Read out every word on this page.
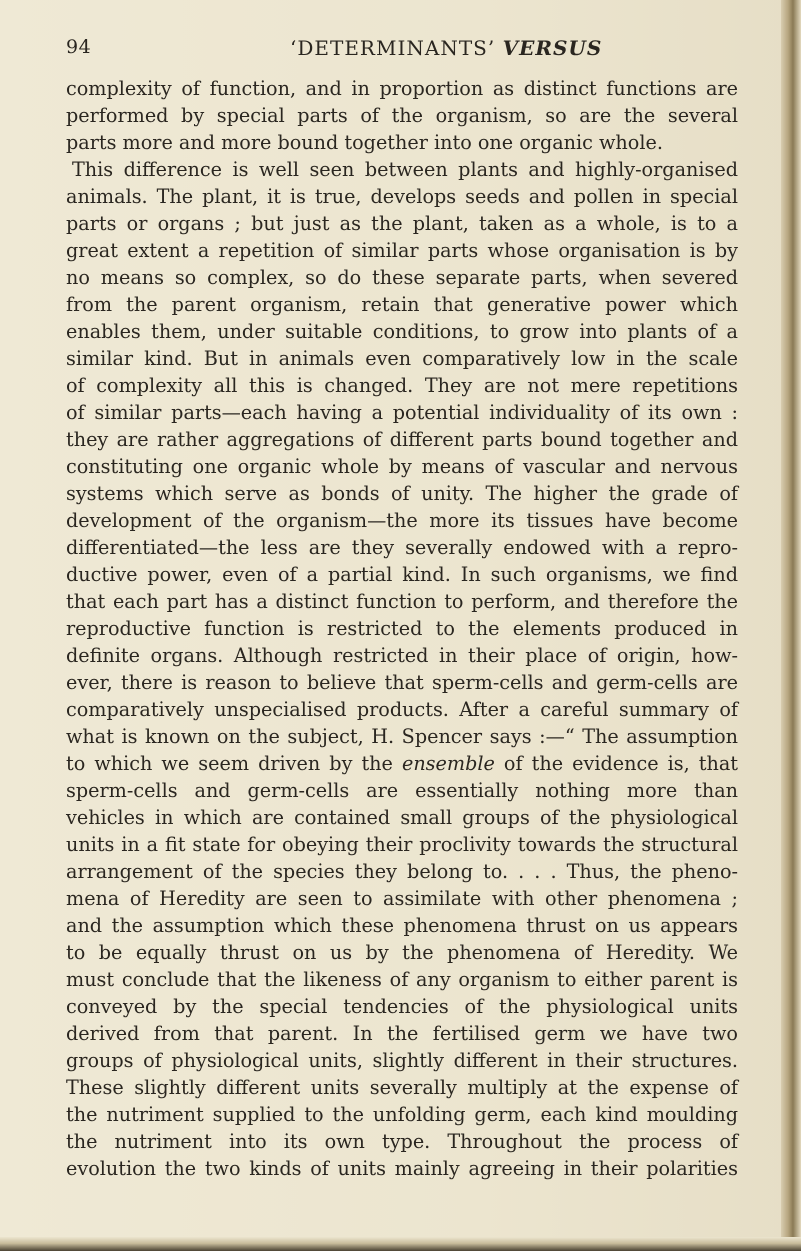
94	‘DETERMINANTS’ VERSUS
complexity of function, and in proportion as distinct functions are
performed by special parts of the organism, so are the several
parts more and more bound together into one organic whole.
This difference is well seen between plants and highly-organised
animals. The plant, it is true, develops seeds and pollen in special
parts or organs ; but just as the plant, taken as a whole, is to a
great extent a repetition of similar parts whose organisation is by
no means so complex, so do these separate parts, when severed
from the parent organism, retain that generative power which
enables them, under suitable conditions, to grow into plants of a
similar kind. But in animals even comparatively low in the scale
of complexity all this is changed. They are not mere repetitions
of similar parts—each having a potential individuality of its own :
they are rather aggregations of different parts bound together and
constituting one organic whole by means of vascular and nervous
systems which serve as bonds of unity. The higher the grade of
development of the organism—the more its tissues have become
differentiated—the less are they severally endowed with a repro-
ductive power, even of a partial kind. In such organisms, we find
that each part has a distinct function to perform, and therefore the
reproductive function is restricted to the elements produced in
definite organs. Although restricted in their place of origin, how-
ever, there is reason to believe that sperm-cells and germ-cells are
comparatively unspecialised products. After a careful summary of
what is known on the subject, H. Spencer says :—“ The assumption
to which we seem driven by the ensemble of the evidence is, that
sperm-cells and germ-cells are essentially nothing more than
vehicles in which are contained small groups of the physiological
units in a fit state for obeying their proclivity towards the structural
arrangement of the species they belong to. . . . Thus, the pheno-
mena of Heredity are seen to assimilate with other phenomena ;
and the assumption which these phenomena thrust on us appears
to be equally thrust on us by the phenomena of Heredity. We
must conclude that the likeness of any organism to either parent is
conveyed by the special tendencies of the physiological units
derived from that parent. In the fertilised germ we have two
groups of physiological units, slightly different in their structures.
These slightly different units severally multiply at the expense of
the nutriment supplied to the unfolding germ, each kind moulding
the nutriment into its own type. Throughout the process of
evolution the two kinds of units mainly agreeing in their polarities
